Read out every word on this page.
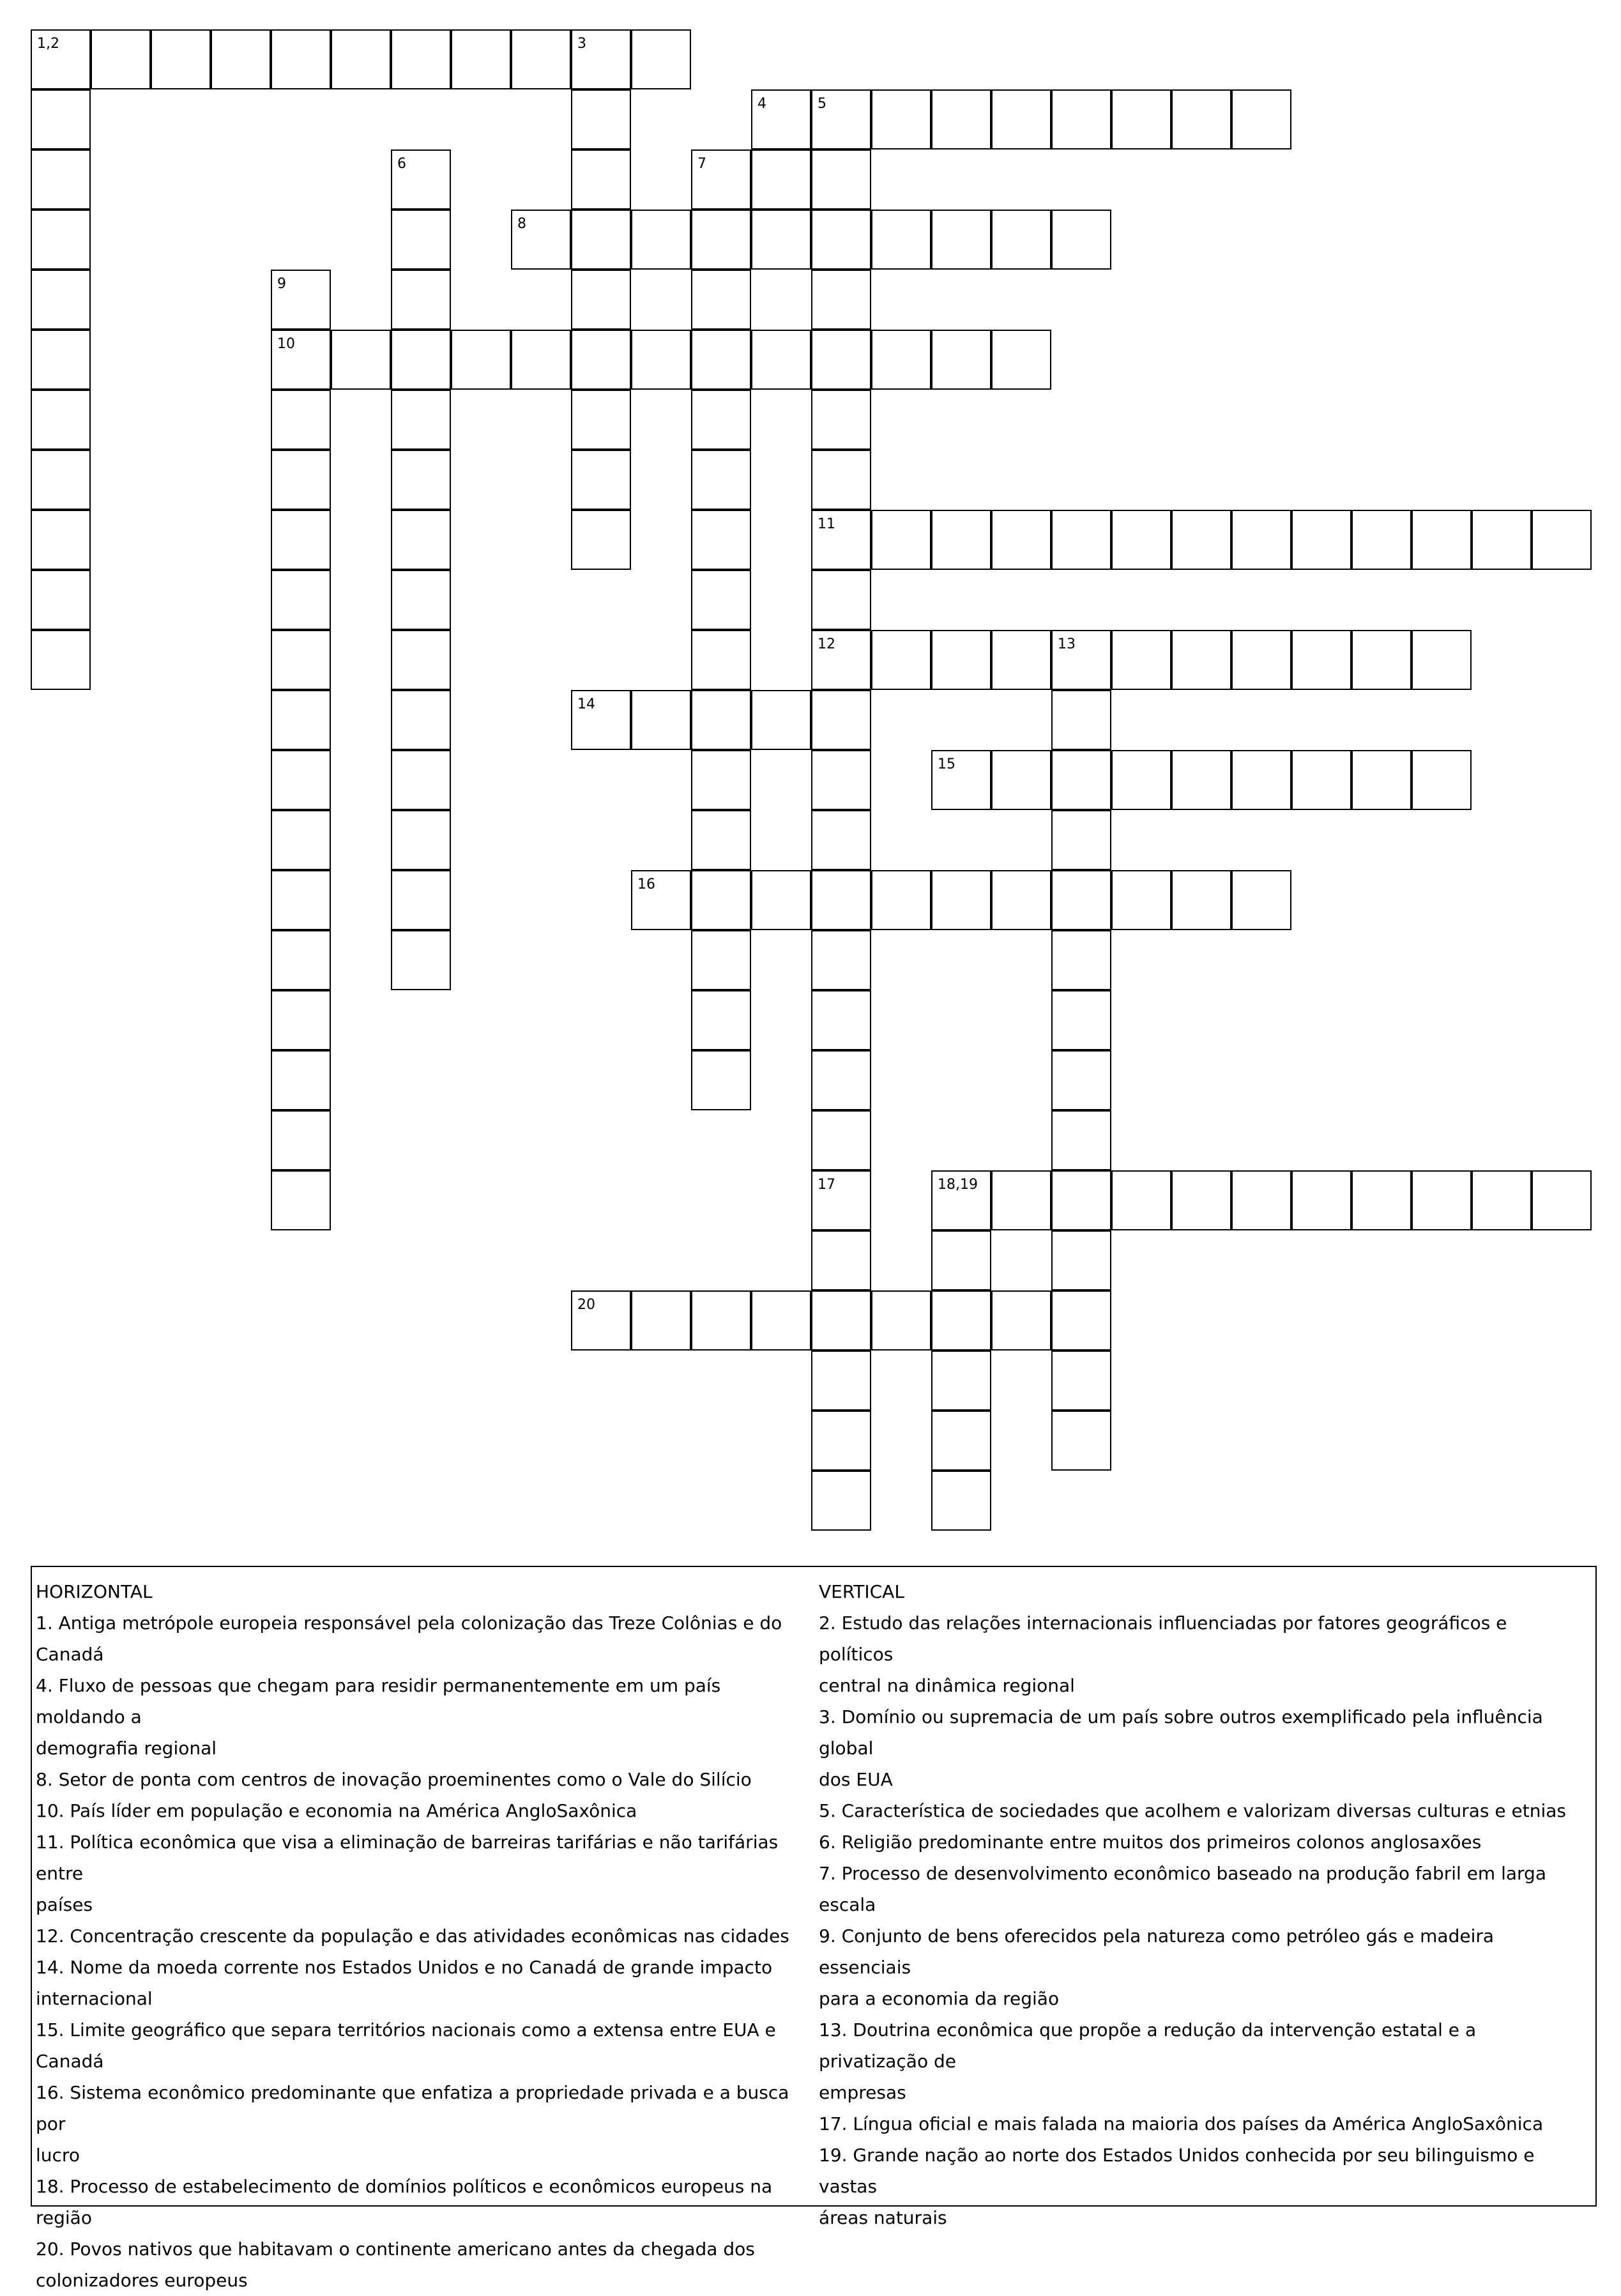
1,2	3
4	5
6	7
8
9
10
11
12	13
14
15
16
17	18,19
20
HORIZONTAL
1. Antiga metrópole europeia responsável pela colonização das Treze Colônias e do
Canadá
4. Fluxo de pessoas que chegam para residir permanentemente em um país moldando a
demografia regional
8. Setor de ponta com centros de inovação proeminentes como o Vale do Silício
10. País líder em população e economia na América AngloSaxônica
11. Política econômica que visa a eliminação de barreiras tarifárias e não tarifárias entre
países
12. Concentração crescente da população e das atividades econômicas nas cidades
14. Nome da moeda corrente nos Estados Unidos e no Canadá de grande impacto
internacional
15. Limite geográfico que separa territórios nacionais como a extensa entre EUA e
Canadá
16. Sistema econômico predominante que enfatiza a propriedade privada e a busca por
lucro
18. Processo de estabelecimento de domínios políticos e econômicos europeus na região
20. Povos nativos que habitavam o continente americano antes da chegada dos
colonizadores europeus
VERTICAL
2. Estudo das relações internacionais influenciadas por fatores geográficos e políticos
central na dinâmica regional
3. Domínio ou supremacia de um país sobre outros exemplificado pela influência global
dos EUA
5. Característica de sociedades que acolhem e valorizam diversas culturas e etnias
6. Religião predominante entre muitos dos primeiros colonos anglosaxões
7. Processo de desenvolvimento econômico baseado na produção fabril em larga escala
9. Conjunto de bens oferecidos pela natureza como petróleo gás e madeira essenciais
para a economia da região
13. Doutrina econômica que propõe a redução da intervenção estatal e a privatização de
empresas
17. Língua oficial e mais falada na maioria dos países da América AngloSaxônica
19. Grande nação ao norte dos Estados Unidos conhecida por seu bilinguismo e vastas
áreas naturais
